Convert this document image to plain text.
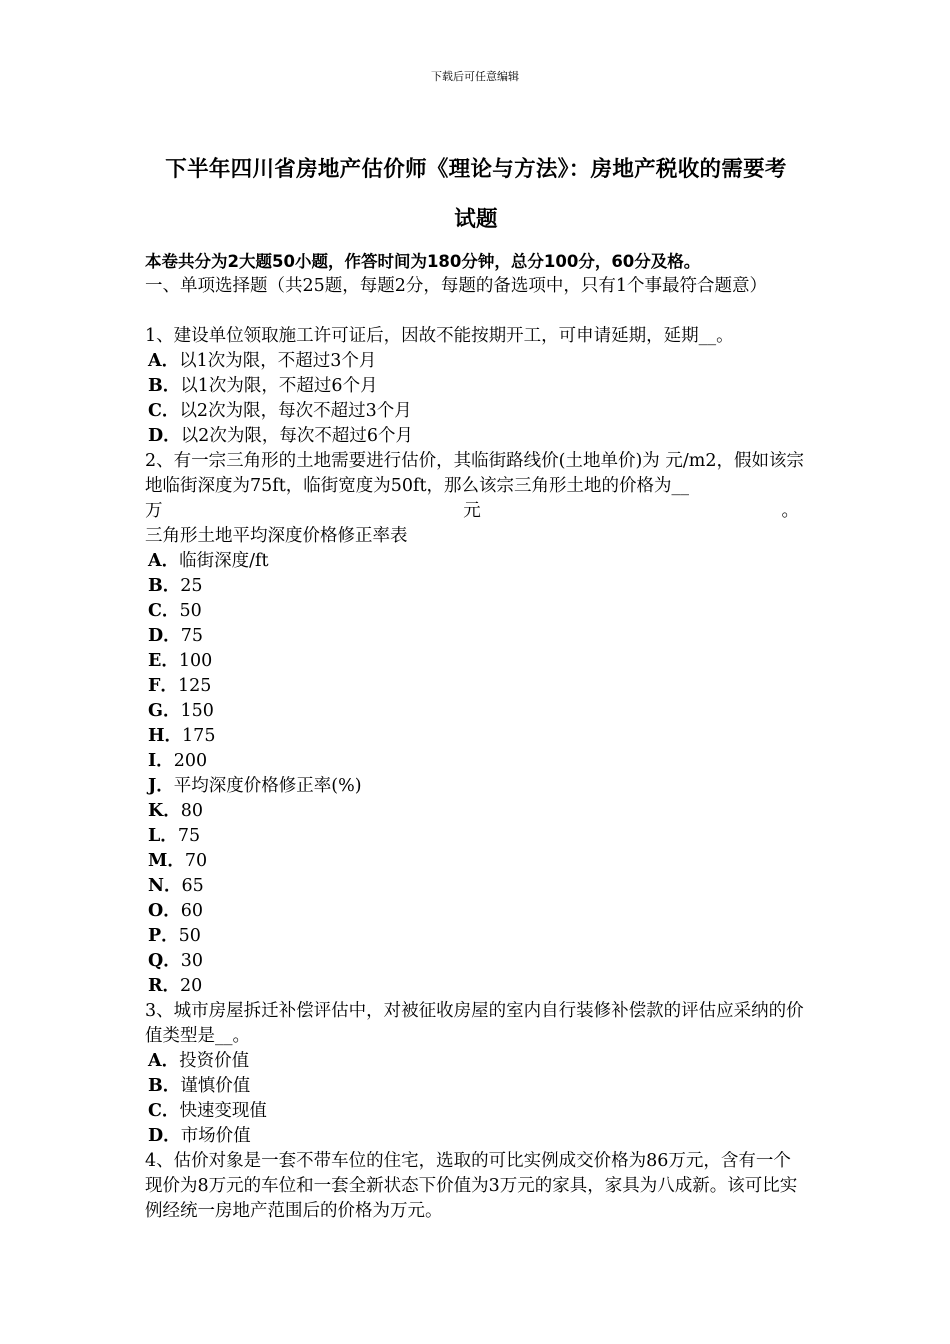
下载后可任意编辑
下半年四川省房地产估价师《理论与方法》：房地产税收的需要考
试题
本卷共分为2大题50小题，作答时间为180分钟，总分100分，60分及格。
一、单项选择题（共25题，每题2分，每题的备选项中，只有1个事最符合题意）
1、建设单位领取施工许可证后，因故不能按期开工，可申请延期，延期__。
A．以1次为限，不超过3个月
B．以1次为限，不超过6个月
C．以2次为限，每次不超过3个月
D．以2次为限，每次不超过6个月
2、有一宗三角形的土地需要进行估价，其临街路线价(土地单价)为 元/m2，假如该宗地临街深度为75ft，临街宽度为50ft，那么该宗三角形土地的价格为__
万	元	。
三角形土地平均深度价格修正率表
A．临街深度/ft
B．25
C．50
D．75
E．100
F．125
G．150
H．175
I．200
J．平均深度价格修正率(%)
K．80
L．75
M．70
N．65
O．60
P．50
Q．30
R．20
3、城市房屋拆迁补偿评估中，对被征收房屋的室内自行装修补偿款的评估应采纳的价值类型是__。
A．投资价值
B．谨慎价值
C．快速变现值
D．市场价值
4、估价对象是一套不带车位的住宅，选取的可比实例成交价格为86万元，含有一个现价为8万元的车位和一套全新状态下价值为3万元的家具，家具为八成新。该可比实例经统一房地产范围后的价格为万元。
